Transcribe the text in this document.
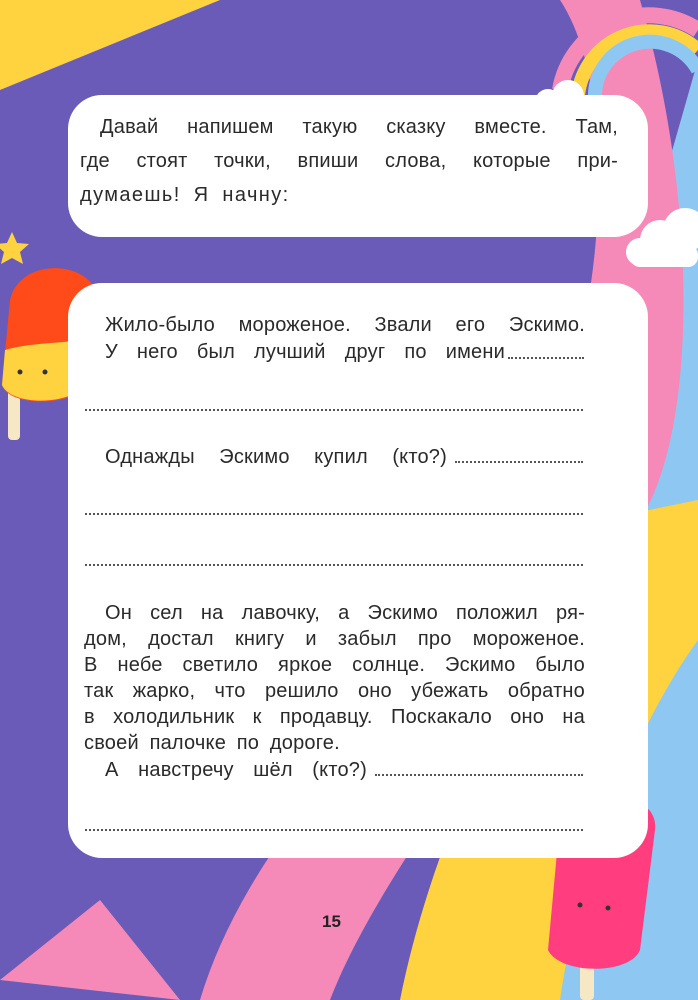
Давай напишем такую сказку вместе. Там,
где стоят точки, впиши слова, которые при-
думаешь! Я начну:
Жило-было мороженое. Звали его Эскимо.
У него был лучший друг по имени
Однажды Эскимо купил (кто?)
Он сел на лавочку, а Эскимо положил ря-
дом, достал книгу и забыл про мороженое.
В небе светило яркое солнце. Эскимо было
так жарко, что решило оно убежать обратно
в холодильник к продавцу. Поскакало оно на
своей палочке по дороге.
А навстречу шёл (кто?)
15
